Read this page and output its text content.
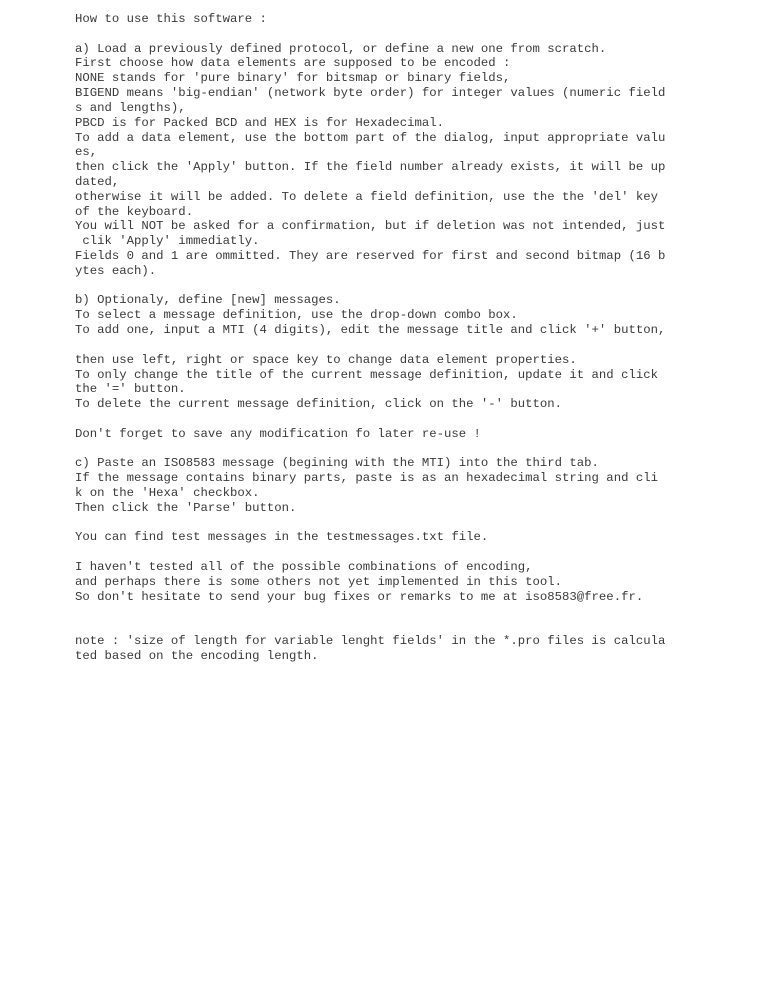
How to use this software :
a) Load a previously defined protocol, or define a new one from scratch.
First choose how data elements are supposed to be encoded :
NONE stands for 'pure binary' for bitsmap or binary fields,
BIGEND means 'big-endian' (network byte order) for integer values (numeric field
s and lengths),
PBCD is for Packed BCD and HEX is for Hexadecimal.
To add a data element, use the bottom part of the dialog, input appropriate valu
es,
then click the 'Apply' button. If the field number already exists, it will be up
dated,
otherwise it will be added. To delete a field definition, use the the 'del' key
of the keyboard.
You will NOT be asked for a confirmation, but if deletion was not intended, just
clik 'Apply' immediatly.
Fields 0 and 1 are ommitted. They are reserved for first and second bitmap (16 b
ytes each).
b) Optionaly, define [new] messages.
To select a message definition, use the drop-down combo box.
To add one, input a MTI (4 digits), edit the message title and click '+' button,
then use left, right or space key to change data element properties.
To only change the title of the current message definition, update it and click
the '=' button.
To delete the current message definition, click on the '-' button.
Don't forget to save any modification fo later re-use !
c) Paste an ISO8583 message (begining with the MTI) into the third tab.
If the message contains binary parts, paste is as an hexadecimal string and cli
k on the 'Hexa' checkbox.
Then click the 'Parse' button.
You can find test messages in the testmessages.txt file.
I haven't tested all of the possible combinations of encoding,
and perhaps there is some others not yet implemented in this tool.
So don't hesitate to send your bug fixes or remarks to me at iso8583@free.fr.
note : 'size of length for variable lenght fields' in the *.pro files is calcula
ted based on the encoding length.
